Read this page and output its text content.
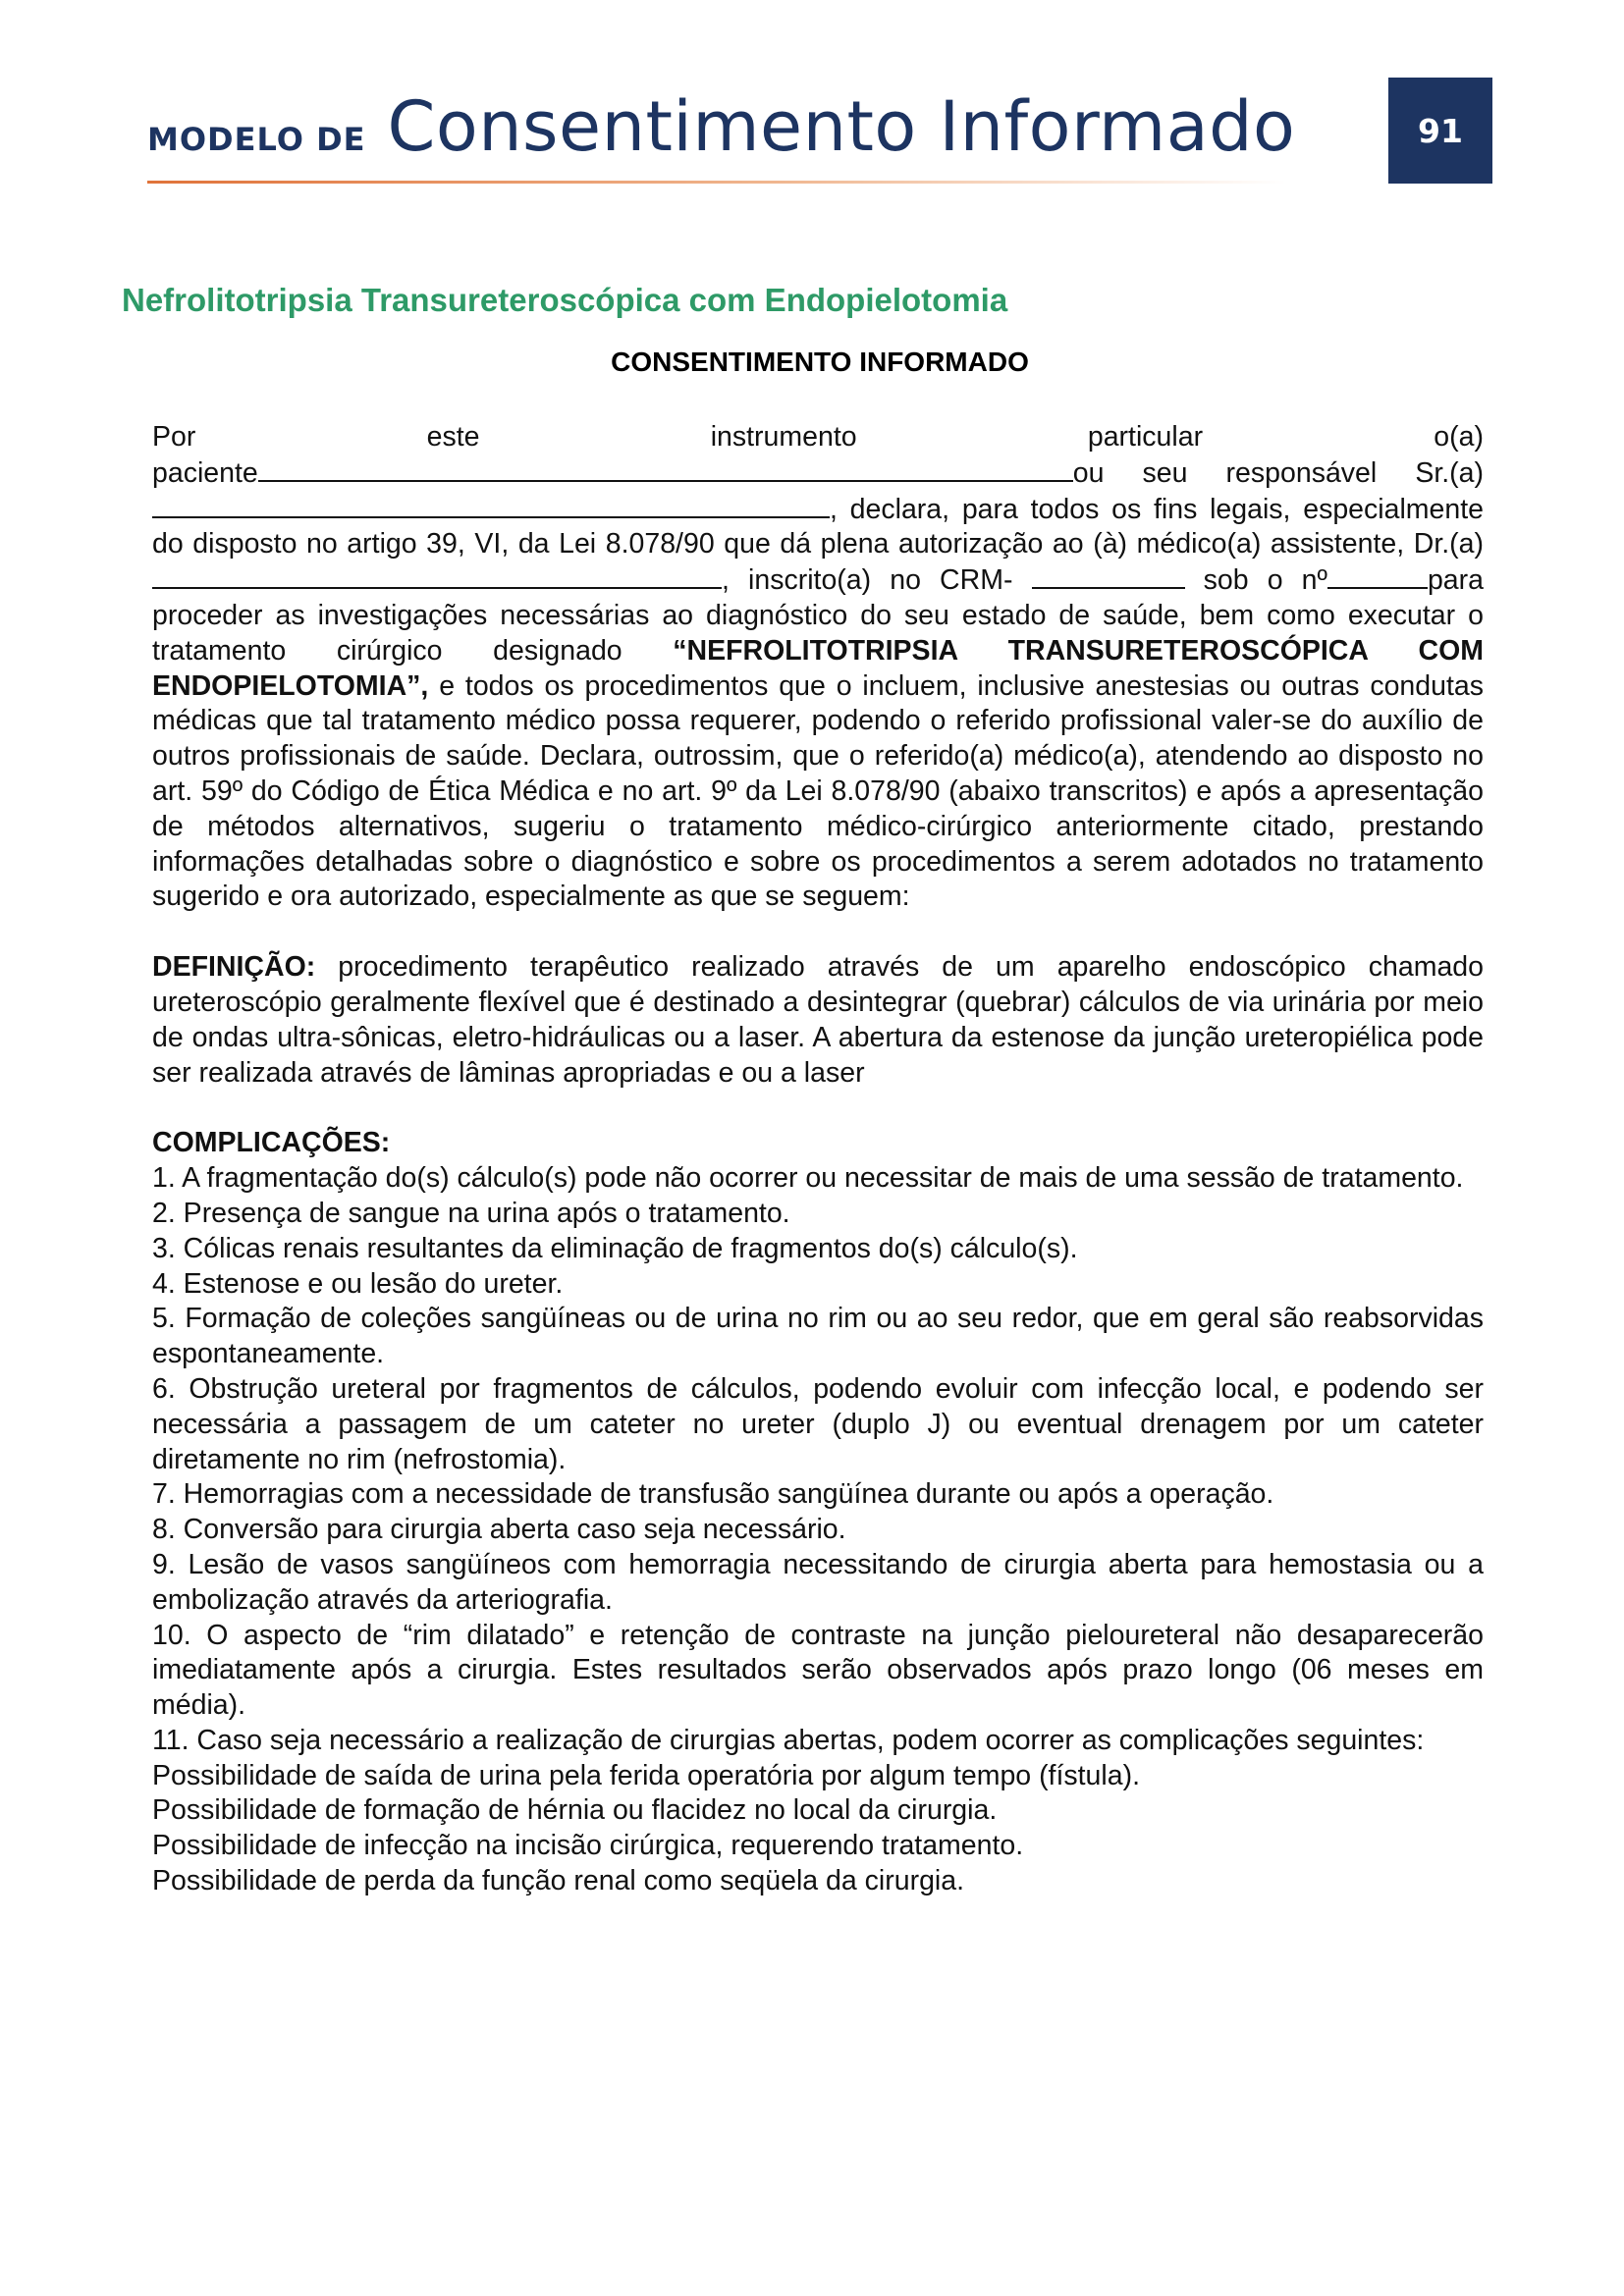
MODELO DE Consentimento Informado	91
Nefrolitotripsia Transureteroscópica com Endopielotomia
CONSENTIMENTO INFORMADO

Por este instrumento particular o(a)

paciente	ou seu responsável Sr.(a), declara, para todos os fins legais, especialmente do disposto no artigo 39, VI, da Lei 8.078/90 que dá plena autorização ao (à) médico(a) assistente, Dr.(a), inscrito(a) no CRM-	sob o nº	para proceder as investigações necessárias ao diagnóstico do seu estado de saúde, bem como executar o tratamento cirúrgico designado “NEFROLITOTRIPSIA TRANSURETEROSCÓPICA COM ENDOPIELOTOMIA”, e todos os procedimentos que o incluem, inclusive anestesias ou outras condutas médicas que tal tratamento médico possa requerer, podendo o referido profissional valer-se do auxílio de outros profissionais de saúde. Declara, outrossim, que o referido(a) médico(a), atendendo ao disposto no art. 59º do Código de Ética Médica e no art. 9º da Lei 8.078/90 (abaixo transcritos) e após a apresentação de métodos alternativos, sugeriu o tratamento médico-cirúrgico anteriormente citado, prestando informações detalhadas sobre o diagnóstico e sobre os procedimentos a serem adotados no tratamento sugerido e ora autorizado, especialmente as que se seguem:

DEFINIÇÃO: procedimento terapêutico realizado através de um aparelho endoscópico chamado ureteroscópio geralmente flexível que é destinado a desintegrar (quebrar) cálculos de via urinária por meio de ondas ultra-sônicas, eletro-hidráulicas ou a laser. A abertura da estenose da junção ureteropiélica pode ser realizada através de lâminas apropriadas e ou a laser

COMPLICAÇÕES:

1. A fragmentação do(s) cálculo(s) pode não ocorrer ou necessitar de mais de uma sessão de tratamento.

2. Presença de sangue na urina após o tratamento.

3. Cólicas renais resultantes da eliminação de fragmentos do(s) cálculo(s).

4. Estenose e ou lesão do ureter.

5. Formação de coleções sangüíneas ou de urina no rim ou ao seu redor, que em geral são reabsorvidas espontaneamente.

6. Obstrução ureteral por fragmentos de cálculos, podendo evoluir com infecção local, e podendo ser necessária a passagem de um cateter no ureter (duplo J) ou eventual drenagem por um cateter diretamente no rim (nefrostomia).

7. Hemorragias com a necessidade de transfusão sangüínea durante ou após a operação.

8. Conversão para cirurgia aberta caso seja necessário.

9. Lesão de vasos sangüíneos com hemorragia necessitando de cirurgia aberta para hemostasia ou a embolização através da arteriografia.

10. O aspecto de “rim dilatado” e retenção de contraste na junção pieloureteral não desaparecerão imediatamente após a cirurgia. Estes resultados serão observados após prazo longo (06 meses em média).

11. Caso seja necessário a realização de cirurgias abertas, podem ocorrer as complicações seguintes:

Possibilidade de saída de urina pela ferida operatória por algum tempo (fístula).

Possibilidade de formação de hérnia ou flacidez no local da cirurgia.

Possibilidade de infecção na incisão cirúrgica, requerendo tratamento.

Possibilidade de perda da função renal como seqüela da cirurgia.
